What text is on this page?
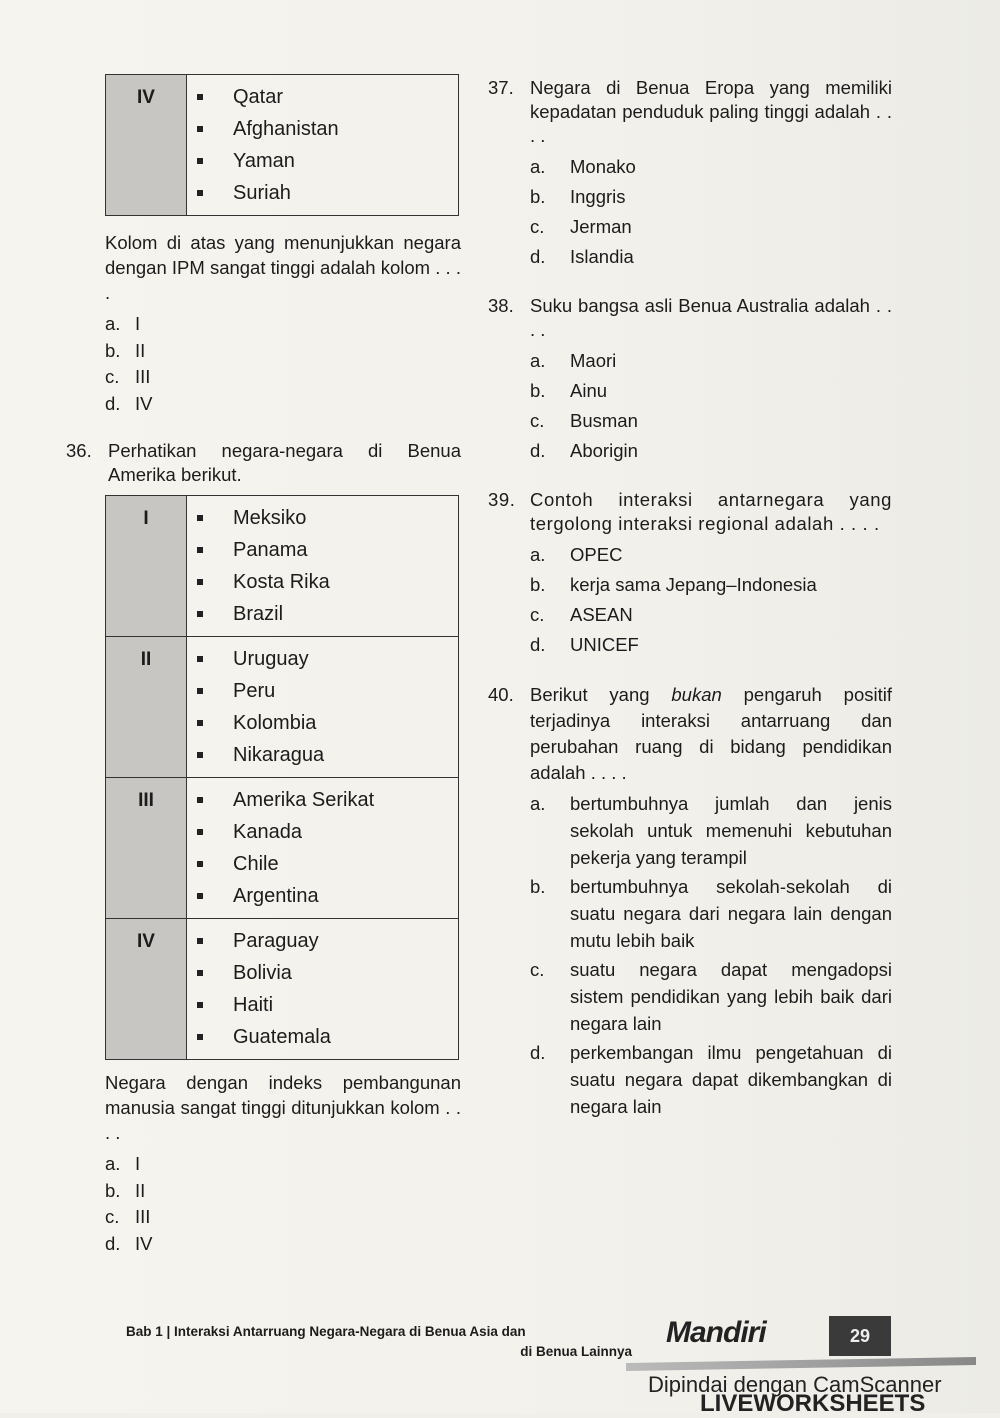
IV	Qatar
Afghanistan
Yaman
Suriah
Kolom di atas yang menunjukkan negara dengan IPM sangat tinggi adalah kolom . . . .
a. I
b. II
c. III
d. IV
36. Perhatikan negara-negara di Benua Amerika berikut.
I	Meksiko
Panama
Kosta Rika
Brazil

II	Uruguay
Peru
Kolombia
Nikaragua

III	Amerika Serikat
Kanada
Chile
Argentina

IV	Paraguay
Bolivia
Haiti
Guatemala
Negara dengan indeks pembangunan manusia sangat tinggi ditunjukkan kolom . . . .
a. I
b. II
c. III
d. IV
37. Negara di Benua Eropa yang memiliki kepadatan penduduk paling tinggi adalah . . . .
a.	Monako
b.	Inggris
c.	Jerman
d.	Islandia
38. Suku bangsa asli Benua Australia adalah . . . .
a.	Maori
b.	Ainu
c.	Busman
d.	Aborigin
39. Contoh interaksi antarnegara yang tergolong interaksi regional adalah . . . .
a.	OPEC
b.	kerja sama Jepang–Indonesia
c.	ASEAN
d.	UNICEF
40. Berikut yang bukan pengaruh positif terjadinya interaksi antarruang dan perubahan ruang di bidang pendidikan adalah . . . .
a.	bertumbuhnya jumlah dan jenis sekolah untuk memenuhi kebutuhan pekerja yang terampil
b.	bertumbuhnya sekolah-sekolah di suatu negara dari negara lain dengan mutu lebih baik
c.	suatu negara dapat mengadopsi sistem pendidikan yang lebih baik dari negara lain
d.	perkembangan ilmu pengetahuan di suatu negara dapat dikembangkan di negara lain
Bab 1 | Interaksi Antarruang Negara-Negara di Benua Asia dan
di Benua Lainnya
Mandiri	29
Dipindai dengan CamScanner
LIVEWORKSHEETS
